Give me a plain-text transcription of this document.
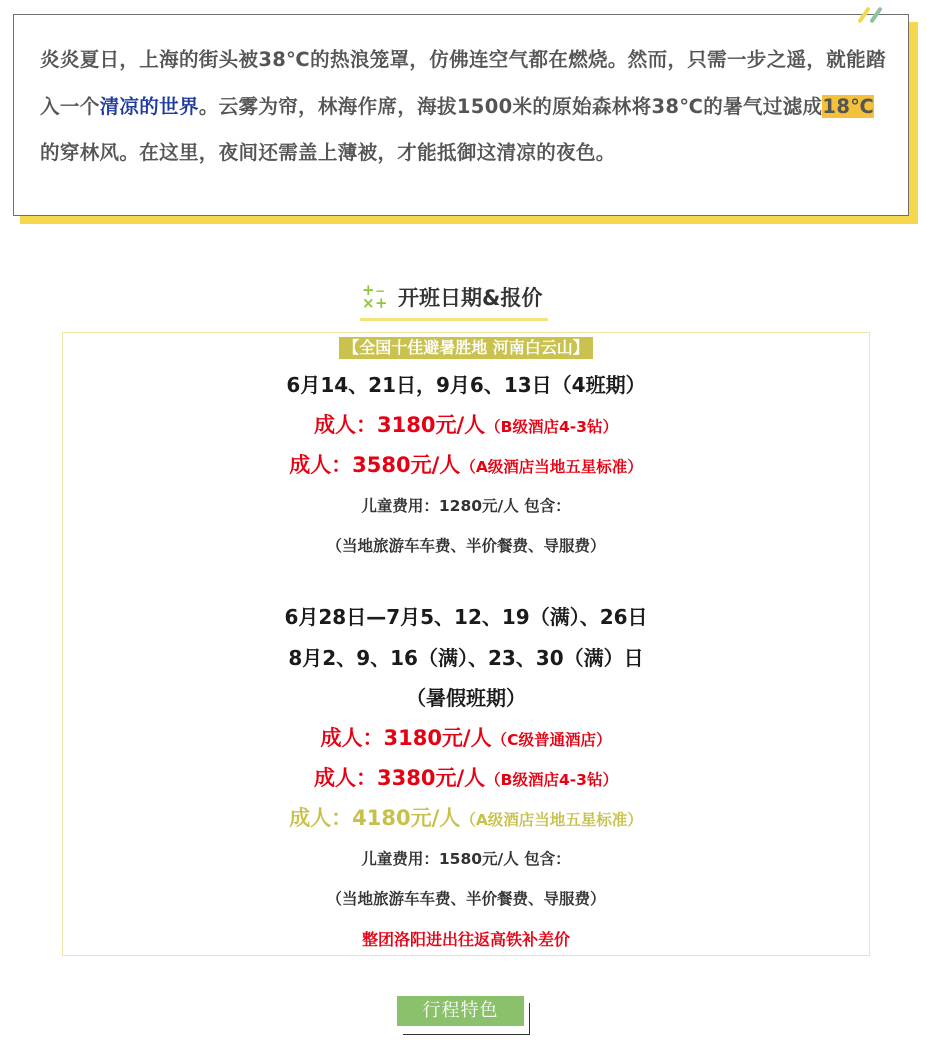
炎炎夏日，上海的街头被38℃的热浪笼罩，仿佛连空气都在燃烧。然而，只需一步之遥，就能踏入一个清凉的世界。云雾为帘，林海作席，海拔1500米的原始森林将38℃的暑气过滤成18℃的穿林风。在这里，夜间还需盖上薄被，才能抵御这清凉的夜色。

+ −
× + 开班日期&报价
【全国十佳避暑胜地 河南白云山】
6月14、21日，9月6、13日（4班期）
成人：3180元/人（B级酒店4-3钻）
成人：3580元/人（A级酒店当地五星标准）
儿童费用：1280元/人 包含：
（当地旅游车车费、半价餐费、导服费）
6月28日—7月5、12、19（满）、26日
8月2、9、16（满）、23、30（满）日
（暑假班期）
成人：3180元/人（C级普通酒店）
成人：3380元/人（B级酒店4-3钻）
成人：4180元/人（A级酒店当地五星标准）
儿童费用：1580元/人 包含：
（当地旅游车车费、半价餐费、导服费）
整团洛阳进出往返高铁补差价
行程特色
